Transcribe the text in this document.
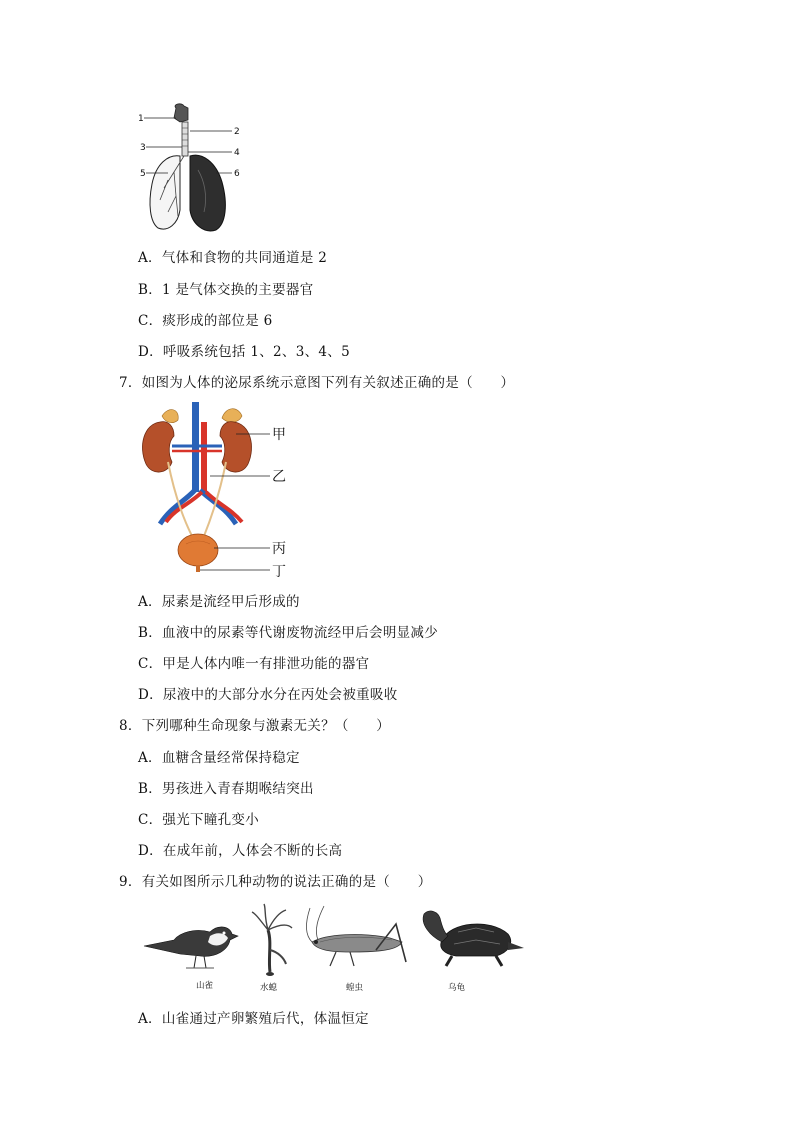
1
2
3	4
5	6
A．气体和食物的共同通道是 2
B．1 是气体交换的主要器官
C．痰形成的部位是 6
D．呼吸系统包括 1、2、3、4、5
7．如图为人体的泌尿系统示意图下列有关叙述正确的是（　　）
甲
乙
丙
丁
A．尿素是流经甲后形成的
B．血液中的尿素等代谢废物流经甲后会明显减少
C．甲是人体内唯一有排泄功能的器官
D．尿液中的大部分水分在丙处会被重吸收
8．下列哪种生命现象与激素无关？（　　）
A．血糖含量经常保持稳定
B．男孩进入青春期喉结突出
C．强光下瞳孔变小
D．在成年前，人体会不断的长高
9．有关如图所示几种动物的说法正确的是（　　）
山雀	水螅	蝗虫	乌龟
A．山雀通过产卵繁殖后代，体温恒定
